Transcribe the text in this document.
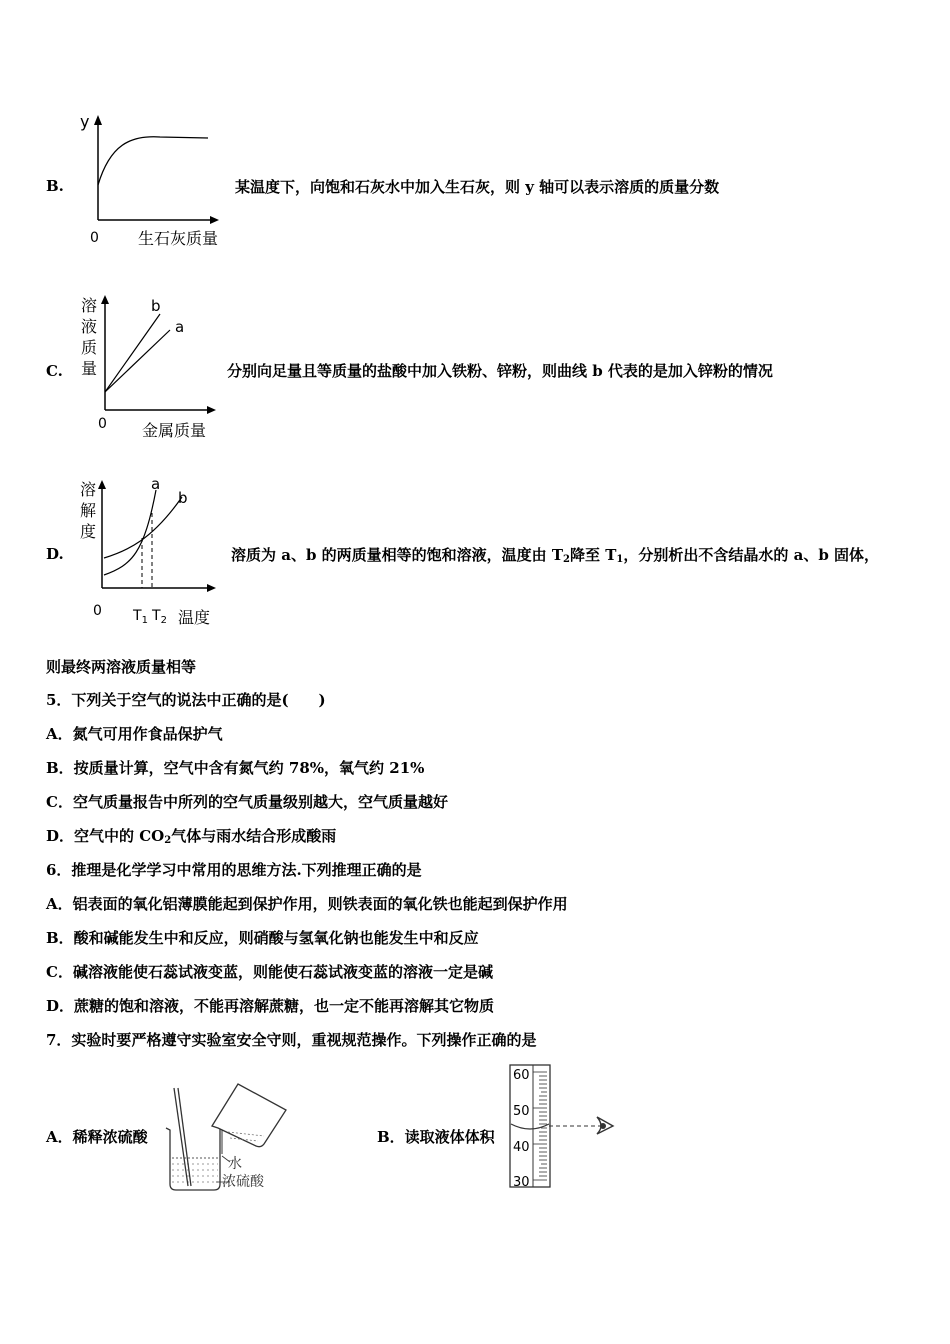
B.
y
0 生石灰质量
某温度下，向饱和石灰水中加入生石灰，则 y 轴可以表示溶质的质量分数
C.
溶
液
质
量
b
a
0 金属质量
分别向足量且等质量的盐酸中加入铁粉、锌粉，则曲线 b 代表的是加入锌粉的情况
D.
溶
解
度
a
b
0 $T_1$ $T_2$ 温度
溶质为 a、b 的两质量相等的饱和溶液，温度由 $T_2$降至 $T_1$，分别析出不含结晶水的 a、b 固体，
则最终两溶液质量相等
5．下列关于空气的说法中正确的是(　　)
A．氮气可用作食品保护气
B．按质量计算，空气中含有氮气约 78%，氧气约 21%
C．空气质量报告中所列的空气质量级别越大，空气质量越好
D．空气中的 $CO_2$气体与雨水结合形成酸雨
6．推理是化学学习中常用的思维方法.下列推理正确的是
A．铝表面的氧化铝薄膜能起到保护作用，则铁表面的氧化铁也能起到保护作用
B．酸和碱能发生中和反应，则硝酸与氢氧化钠也能发生中和反应
C．碱溶液能使石蕊试液变蓝，则能使石蕊试液变蓝的溶液一定是碱
D．蔗糖的饱和溶液，不能再溶解蔗糖，也一定不能再溶解其它物质
7．实验时要严格遵守实验室安全守则，重视规范操作。下列操作正确的是
A．稀释浓硫酸
水
浓硫酸
B．读取液体体积
60
50
40
30
